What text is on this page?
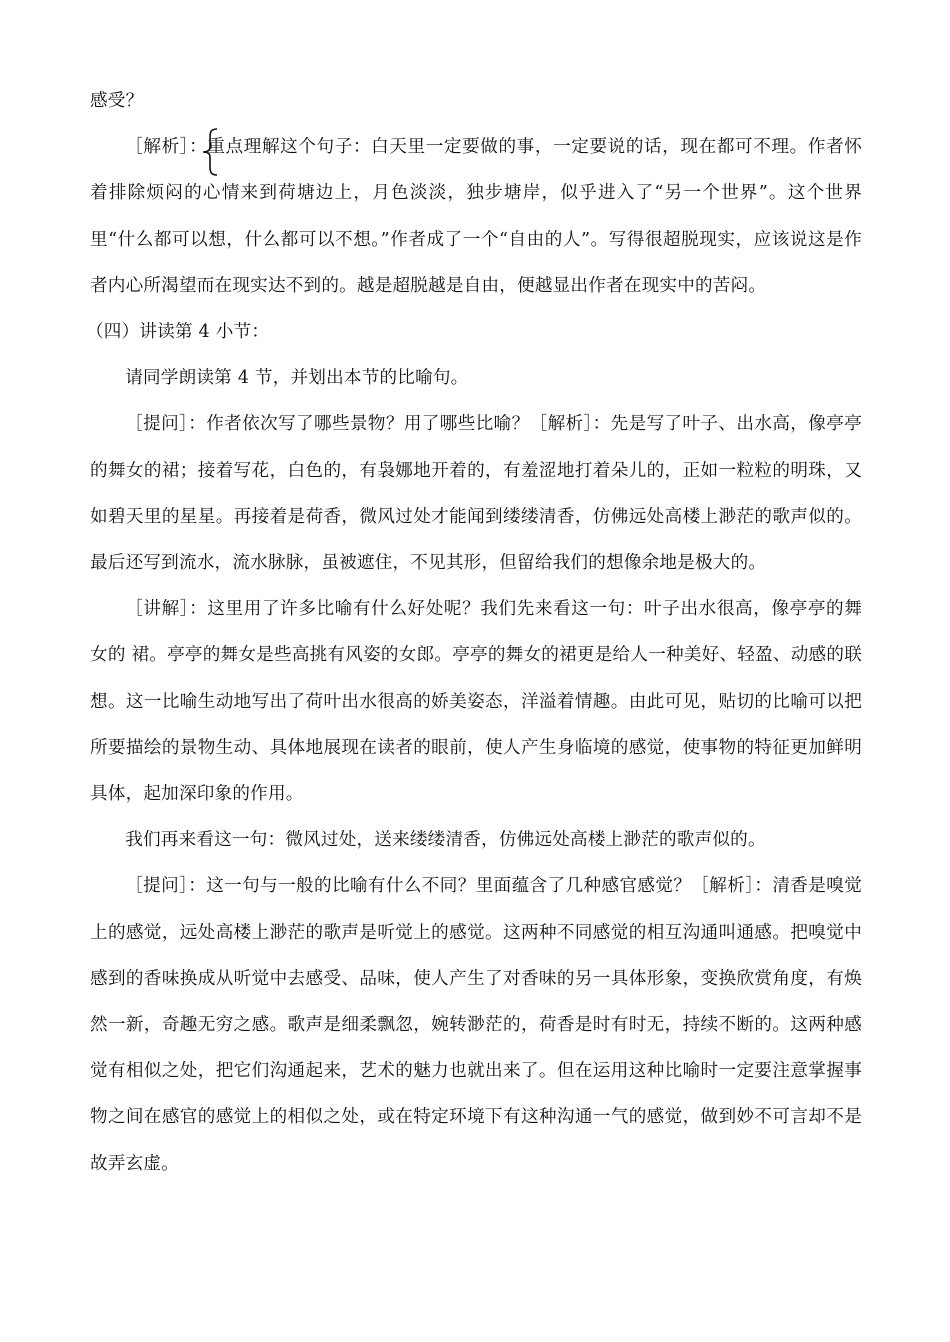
感受？

［解析］：重点理解这个句子：白天里一定要做的事，一定要说的话，现在都可不理。作者怀着排除烦闷的心情来到荷塘边上，月色淡淡，独步塘岸，似乎进入了“另一个世界”。这个世界里“什么都可以想，什么都可以不想。”作者成了一个“自由的人”。写得很超脱现实，应该说这是作者内心所渴望而在现实达不到的。越是超脱越是自由，便越显出作者在现实中的苦闷。

（四）讲读第 4 小节：

请同学朗读第 4 节，并划出本节的比喻句。

［提问］：作者依次写了哪些景物？用了哪些比喻？［解析］：先是写了叶子、出水高，像亭亭的舞女的裙；接着写花，白色的，有袅娜地开着的，有羞涩地打着朵儿的，正如一粒粒的明珠，又如碧天里的星星。再接着是荷香，微风过处才能闻到缕缕清香，仿佛远处高楼上渺茫的歌声似的。最后还写到流水，流水脉脉，虽被遮住，不见其形，但留给我们的想像余地是极大的。

［讲解］：这里用了许多比喻有什么好处呢？我们先来看这一句：叶子出水很高，像亭亭的舞女的 裙。亭亭的舞女是些高挑有风姿的女郎。亭亭的舞女的裙更是给人一种美好、轻盈、动感的联想。这一比喻生动地写出了荷叶出水很高的娇美姿态，洋溢着情趣。由此可见，贴切的比喻可以把所要描绘的景物生动、具体地展现在读者的眼前，使人产生身临境的感觉，使事物的特征更加鲜明具体，起加深印象的作用。

我们再来看这一句：微风过处，送来缕缕清香，仿佛远处高楼上渺茫的歌声似的。

［提问］：这一句与一般的比喻有什么不同？里面蕴含了几种感官感觉？［解析］：清香是嗅觉上的感觉，远处高楼上渺茫的歌声是听觉上的感觉。这两种不同感觉的相互沟通叫通感。把嗅觉中感到的香味换成从听觉中去感受、品味，使人产生了对香味的另一具体形象，变换欣赏角度，有焕然一新，奇趣无穷之感。歌声是细柔飘忽，婉转渺茫的，荷香是时有时无，持续不断的。这两种感觉有相似之处，把它们沟通起来，艺术的魅力也就出来了。但在运用这种比喻时一定要注意掌握事物之间在感官的感觉上的相似之处，或在特定环境下有这种沟通一气的感觉，做到妙不可言却不是故弄玄虚。
